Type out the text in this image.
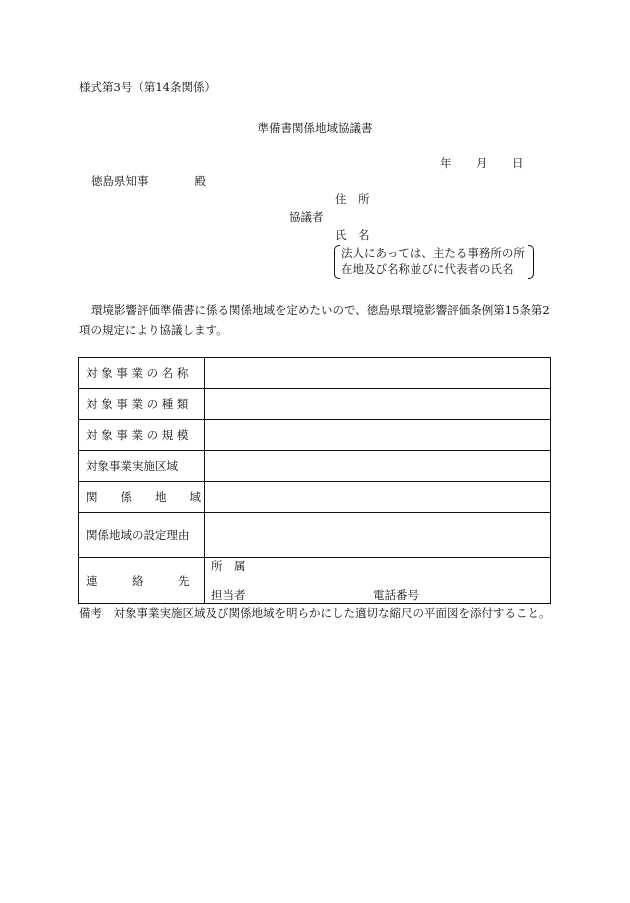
様式第3号（第14条関係）
準備書関係地域協議書
年 月 日
徳島県知事　　　　殿
住　所
協議者
氏　名
法人にあっては、主たる事務所の所
在地及び名称並びに代表者の氏名
環境影響評価準備書に係る関係地域を定めたいので、徳島県環境影響評価条例第15条第2項の規定により協議します。
対 象 事 業 の 名 称	
対 象 事 業 の 種 類	
対 象 事 業 の 規 模	
対象事業実施区域	
関　　係　　地　　域	
関係地域の設定理由	
連　　　絡　　　先	所　属
担当者 電話番号
備考　対象事業実施区域及び関係地域を明らかにした適切な縮尺の平面図を添付すること。
